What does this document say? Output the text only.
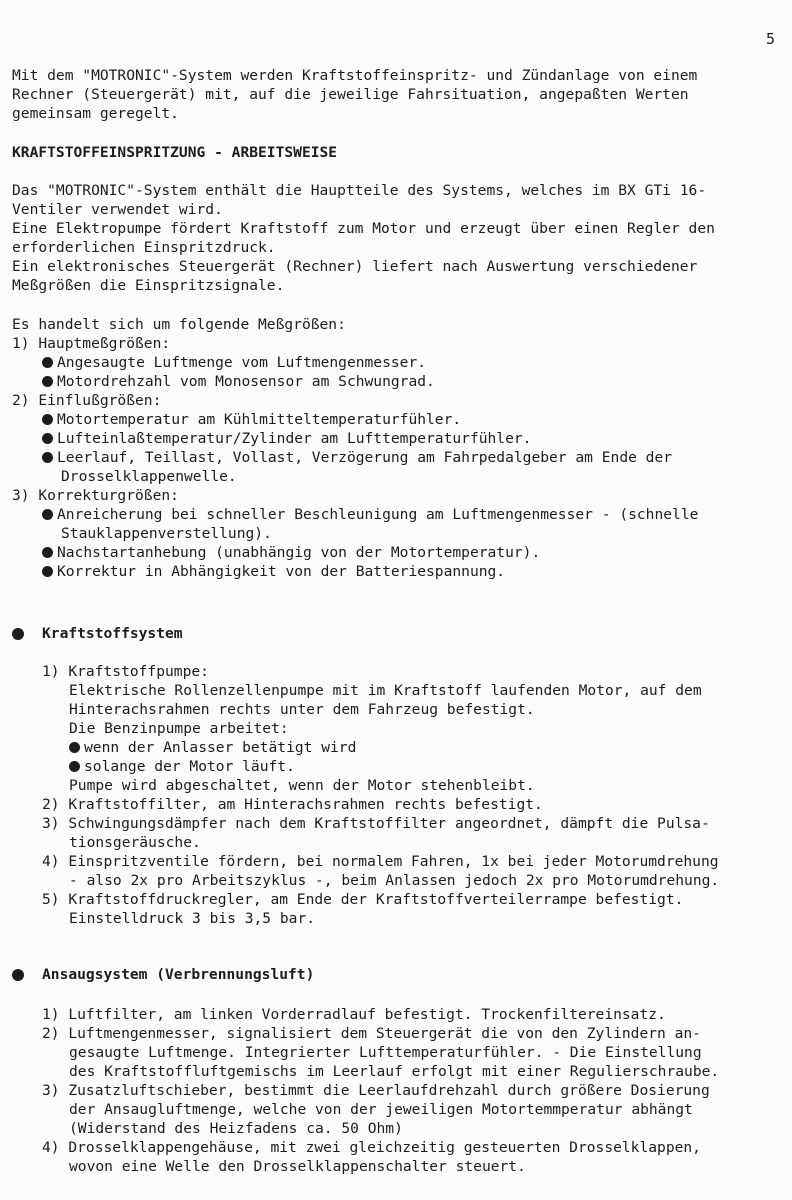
5
Mit dem "MOTRONIC"-System werden Kraftstoffeinspritz- und Zündanlage von einem
Rechner (Steuergerät) mit, auf die jeweilige Fahrsituation, angepaßten Werten
gemeinsam geregelt.
KRAFTSTOFFEINSPRITZUNG - ARBEITSWEISE
Das "MOTRONIC"-System enthält die Hauptteile des Systems, welches im BX GTi 16-
Ventiler verwendet wird.
Eine Elektropumpe fördert Kraftstoff zum Motor und erzeugt über einen Regler den
erforderlichen Einspritzdruck.
Ein elektronisches Steuergerät (Rechner) liefert nach Auswertung verschiedener
Meßgrößen die Einspritzsignale.
Es handelt sich um folgende Meßgrößen:
1) Hauptmeßgrößen:
Angesaugte Luftmenge vom Luftmengenmesser.
Motordrehzahl vom Monosensor am Schwungrad.
2) Einflußgrößen:
Motortemperatur am Kühlmitteltemperaturfühler.
Lufteinlaßtemperatur/Zylinder am Lufttemperaturfühler.
Leerlauf, Teillast, Vollast, Verzögerung am Fahrpedalgeber am Ende der
Drosselklappenwelle.
3) Korrekturgrößen:
Anreicherung bei schneller Beschleunigung am Luftmengenmesser - (schnelle
Stauklappenverstellung).
Nachstartanhebung (unabhängig von der Motortemperatur).
Korrektur in Abhängigkeit von der Batteriespannung.
Kraftstoffsystem
1) Kraftstoffpumpe:
Elektrische Rollenzellenpumpe mit im Kraftstoff laufenden Motor, auf dem
Hinterachsrahmen rechts unter dem Fahrzeug befestigt.
Die Benzinpumpe arbeitet:
wenn der Anlasser betätigt wird
solange der Motor läuft.
Pumpe wird abgeschaltet, wenn der Motor stehenbleibt.
2) Kraftstoffilter, am Hinterachsrahmen rechts befestigt.
3) Schwingungsdämpfer nach dem Kraftstoffilter angeordnet, dämpft die Pulsa-
tionsgeräusche.
4) Einspritzventile fördern, bei normalem Fahren, 1x bei jeder Motorumdrehung
- also 2x pro Arbeitszyklus -, beim Anlassen jedoch 2x pro Motorumdrehung.
5) Kraftstoffdruckregler, am Ende der Kraftstoffverteilerrampe befestigt.
Einstelldruck 3 bis 3,5 bar.
Ansaugsystem (Verbrennungsluft)
1) Luftfilter, am linken Vorderradlauf befestigt. Trockenfiltereinsatz.
2) Luftmengenmesser, signalisiert dem Steuergerät die von den Zylindern an-
gesaugte Luftmenge. Integrierter Lufttemperaturfühler. - Die Einstellung
des Kraftstoffluftgemischs im Leerlauf erfolgt mit einer Regulierschraube.
3) Zusatzluftschieber, bestimmt die Leerlaufdrehzahl durch größere Dosierung
der Ansaugluftmenge, welche von der jeweiligen Motortemmperatur abhängt
(Widerstand des Heizfadens ca. 50 Ohm)
4) Drosselklappengehäuse, mit zwei gleichzeitig gesteuerten Drosselklappen,
wovon eine Welle den Drosselklappenschalter steuert.
